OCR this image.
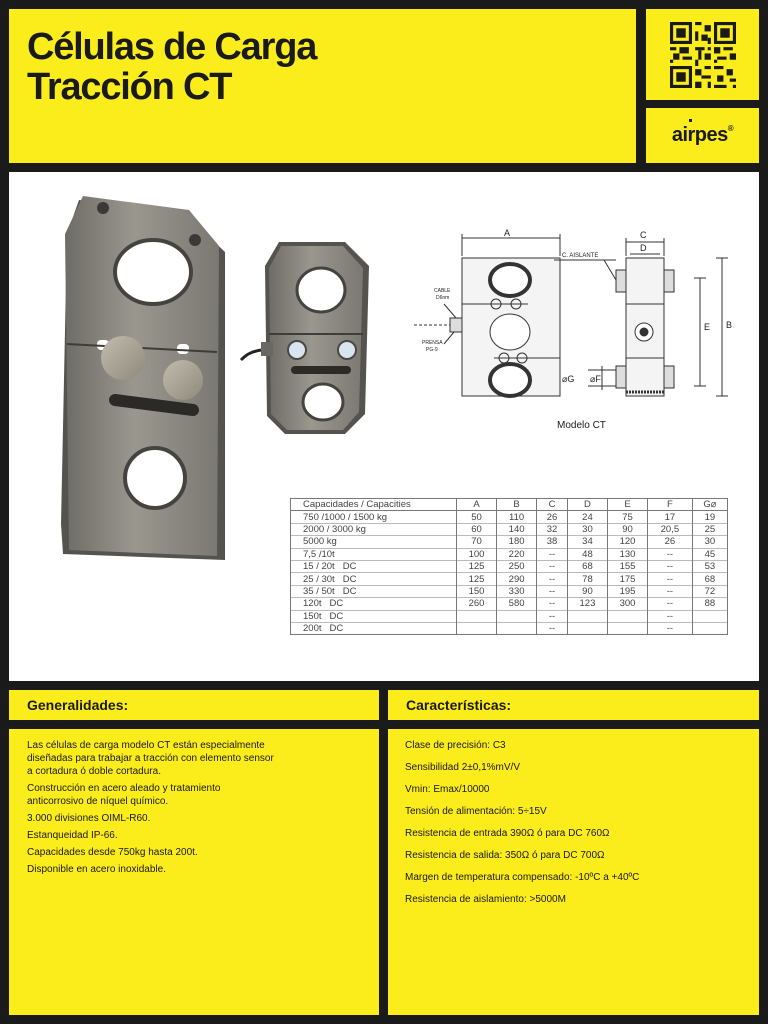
Células de Carga
Tracción CT
airpes®
A	C
D
E B
⌀G ⌀F
C. AISLANTE
CABLE
D6nm
PRENSA
PG-9
Modelo CT
Capacidades / Capacities	A	B	C	D	E	F	G⌀
750 /1000 / 1500 kg	50	110	26	24	75	17	19
2000 / 3000 kg	60	140	32	30	90	20,5	25
5000 kg	70	180	38	34	120	26	30
7,5 /10t	100	220	--	48	130	--	45
15 / 20t DC	125	250	--	68	155	--	53
25 / 30t DC	125	290	--	78	175	--	68
35 / 50t DC	150	330	--	90	195	--	72
120t DC	260	580	--	123	300	--	88
150t DC			--			--	
200t DC			--			--	
Generalidades:

Las células de carga modelo CT están especialmente
diseñadas para trabajar a tracción con elemento sensor
a cortadura ó doble cortadura.

Construcción en acero aleado y tratamiento
anticorrosivo de níquel químico.

3.000 divisiones OIML-R60.

Estanqueidad IP-66.

Capacidades desde 750kg hasta 200t.

Disponible en acero inoxidable.

Características:

Clase de precisión: C3

Sensibilidad 2±0,1%mV/V

Vmin: Emax/10000

Tensión de alimentación: 5÷15V

Resistencia de entrada 390Ω ó para DC 760Ω

Resistencia de salida: 350Ω ó para DC 700Ω

Margen de temperatura compensado: -10ºC a +40ºC

Resistencia de aislamiento: >5000M
